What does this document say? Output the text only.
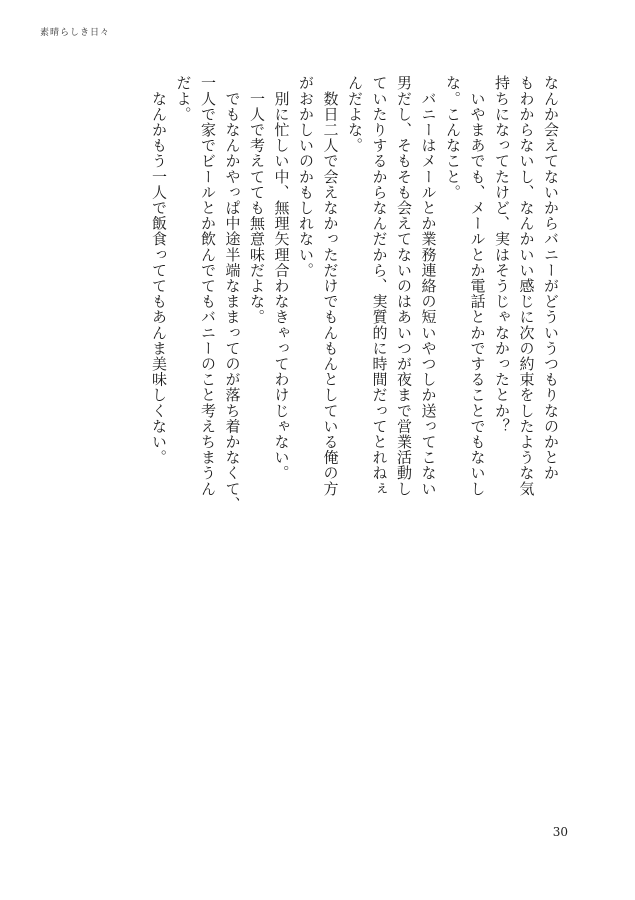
素晴らしき日々
なんか会えてないからバニーがどういうつもりなのかとか
もわからないし、なんかいい感じに次の約束をしたような気
持ちになってたけど、実はそうじゃなかったとか？
　いやまあでも、メールとか電話とかですることでもないし
な。こんなこと。
　バニーはメールとか業務連絡の短いやつしか送ってこない
男だし、そもそも会えてないのはあいつが夜まで営業活動し
ていたりするからなんだから、実質的に時間だってとれねぇ
んだよな。
　数日二人で会えなかっただけでもんもんとしている俺の方
がおかしいのかもしれない。
　別に忙しい中、無理矢理合わなきゃってわけじゃない。
　一人で考えてても無意味だよな。
　でもなんかやっぱ中途半端なままってのが落ち着かなくて、
一人で家でビールとか飲んでてもバニーのこと考えちまうん
だよ。
　なんかもう一人で飯食っててもあんま美味しくない。
30
